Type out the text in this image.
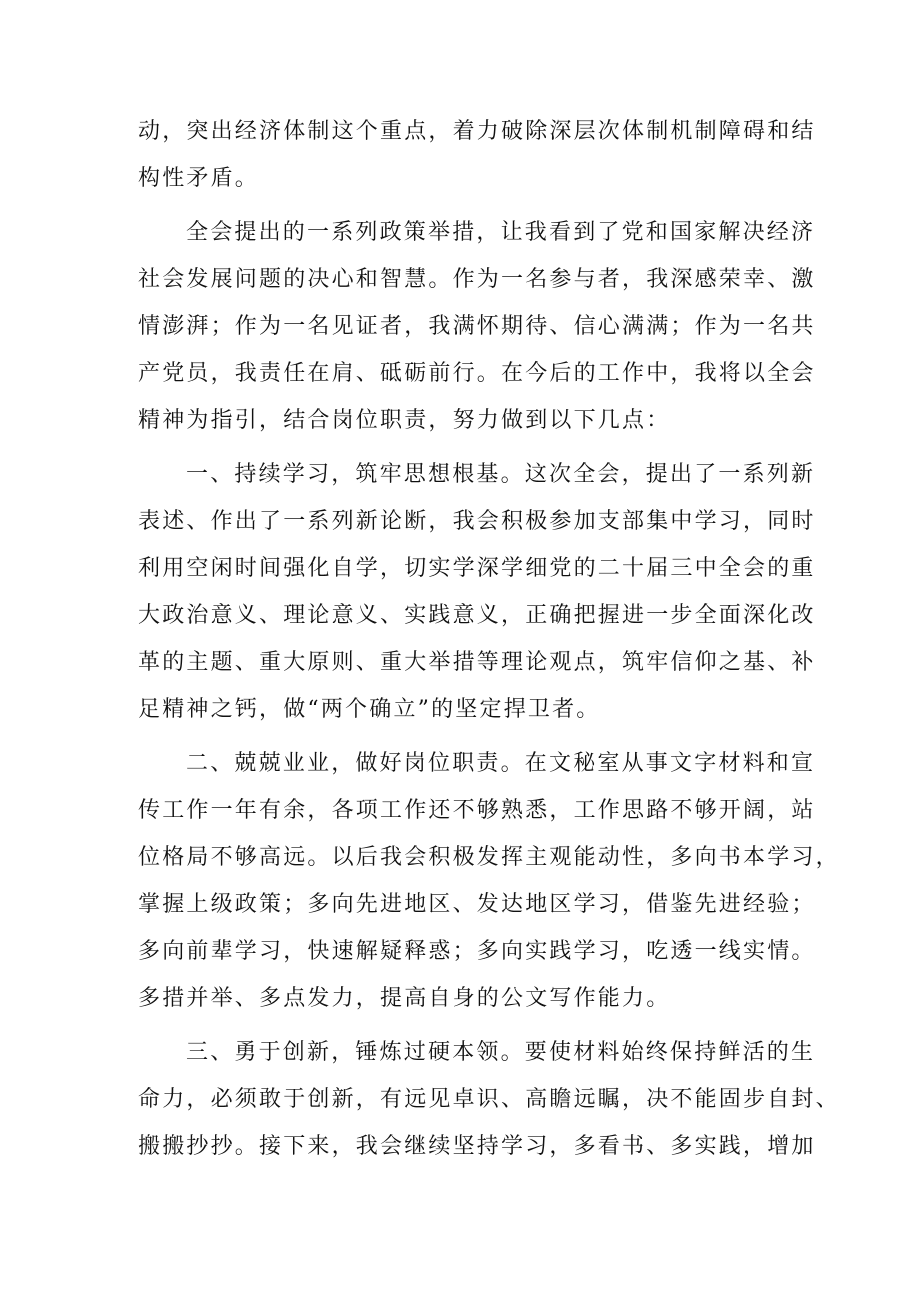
动，突出经济体制这个重点，着力破除深层次体制机制障碍和结
构性矛盾。
全会提出的一系列政策举措，让我看到了党和国家解决经济
社会发展问题的决心和智慧。作为一名参与者，我深感荣幸、激
情澎湃；作为一名见证者，我满怀期待、信心满满；作为一名共
产党员，我责任在肩、砥砺前行。在今后的工作中，我将以全会
精神为指引，结合岗位职责，努力做到以下几点：
一、持续学习，筑牢思想根基。这次全会，提出了一系列新
表述、作出了一系列新论断，我会积极参加支部集中学习，同时
利用空闲时间强化自学，切实学深学细党的二十届三中全会的重
大政治意义、理论意义、实践意义，正确把握进一步全面深化改
革的主题、重大原则、重大举措等理论观点，筑牢信仰之基、补
足精神之钙，做“两个确立”的坚定捍卫者。
二、兢兢业业，做好岗位职责。在文秘室从事文字材料和宣
传工作一年有余，各项工作还不够熟悉，工作思路不够开阔，站
位格局不够高远。以后我会积极发挥主观能动性，多向书本学习，
掌握上级政策；多向先进地区、发达地区学习，借鉴先进经验；
多向前辈学习，快速解疑释惑；多向实践学习，吃透一线实情。
多措并举、多点发力，提高自身的公文写作能力。
三、勇于创新，锤炼过硬本领。要使材料始终保持鲜活的生
命力，必须敢于创新，有远见卓识、高瞻远瞩，决不能固步自封、
搬搬抄抄。接下来，我会继续坚持学习，多看书、多实践，增加
